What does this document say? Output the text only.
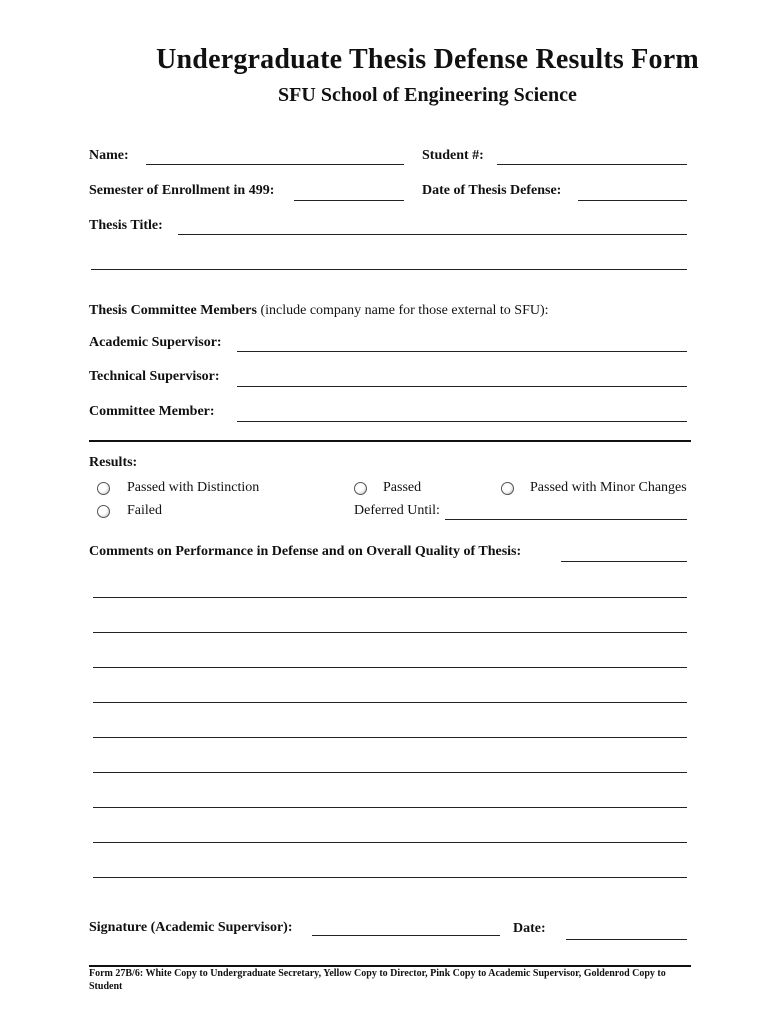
Undergraduate Thesis Defense Results Form
SFU School of Engineering Science
Name:	Student #:
Semester of Enrollment in 499:	Date of Thesis Defense:
Thesis Title:
Thesis Committee Members (include company name for those external to SFU):
Academic Supervisor:
Technical Supervisor:
Committee Member:
Results:
Passed with Distinction	Passed	Passed with Minor Changes
Failed	Deferred Until:
Comments on Performance in Defense and on Overall Quality of Thesis:
Signature (Academic Supervisor):	Date:
Form 27B/6: White Copy to Undergraduate Secretary, Yellow Copy to Director, Pink Copy to Academic Supervisor, Goldenrod Copy to Student
